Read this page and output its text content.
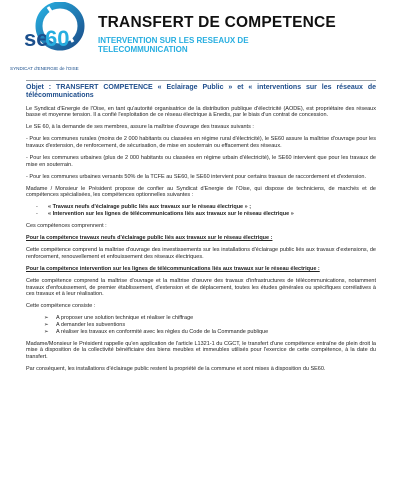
se
60
SYNDICAT d'ENERGIE de l'OISE
TRANSFERT DE COMPETENCE
INTERVENTION SUR LES RESEAUX DE TELECOMMUNICATION

Objet : TRANSFERT COMPETENCE « Eclairage Public » et « interventions sur les réseaux de télécommunications

Le Syndicat d'Energie de l'Oise, en tant qu'autorité organisatrice de la distribution publique d'électricité (AODE), est propriétaire des réseaux basse et moyenne tension. Il a confié l'exploitation de ce réseau électrique à Enedis, par le biais d'un contrat de concession.

Le SE 60, à la demande de ses membres, assure la maîtrise d'ouvrage des travaux suivants :

- Pour les communes rurales (moins de 2 000 habitants ou classées en régime rural d'électricité), le SE60 assure la maîtrise d'ouvrage pour les travaux d'extension, de renforcement, de sécurisation, de mise en souterrain ou effacement des réseaux.

- Pour les communes urbaines (plus de 2 000 habitants ou classées en régime urbain d'électricité), le SE60 intervient que pour les travaux de mise en souterrain.

- Pour les communes urbaines versants 50% de la TCFE au SE60, le SE60 intervient pour certains travaux de raccordement et d'extension.

Madame / Monsieur le Président propose de confier au Syndicat d'Energie de l'Oise, qui dispose de techniciens, de marchés et de compétences spécialisées, les compétences optionnelles suivantes :

- « Travaux neufs d'éclairage public liés aux travaux sur le réseau électrique » ;
- « Intervention sur les lignes de télécommunications liés aux travaux sur le réseau électrique »

Ces compétences comprennent :

Pour la compétence travaux neufs d'éclairage public liés aux travaux sur le réseau électrique :

Cette compétence comprend la maîtrise d'ouvrage des investissements sur les installations d'éclairage public liés aux travaux d'extensions, de renforcement, renouvellement et enfouissement des réseaux électriques.

Pour la compétence intervention sur les lignes de télécommunications liés aux travaux sur le réseau électrique :

Cette compétence comprend la maîtrise d'ouvrage et la maîtrise d'œuvre des travaux d'infrastructures de télécommunications, notamment travaux d'enfouissement, de premier établissement, d'extension et de déplacement, toutes les études générales ou spécifiques corrélatives à ces travaux et à leur réalisation.

Cette compétence consiste :

➢ A proposer une solution technique et réaliser le chiffrage
➢ A demander les subventions
➢ A réaliser les travaux en conformité avec les règles du Code de la Commande publique

Madame/Monsieur le Président rappelle qu'en application de l'article L1321-1 du CGCT, le transfert d'une compétence entraîne de plein droit la mise à disposition de la collectivité bénéficiaire des biens meubles et immeubles utilisés pour l'exercice de cette compétence, à la date du transfert.

Par conséquent, les installations d'éclairage public restent la propriété de la commune et sont mises à disposition du SE60.
